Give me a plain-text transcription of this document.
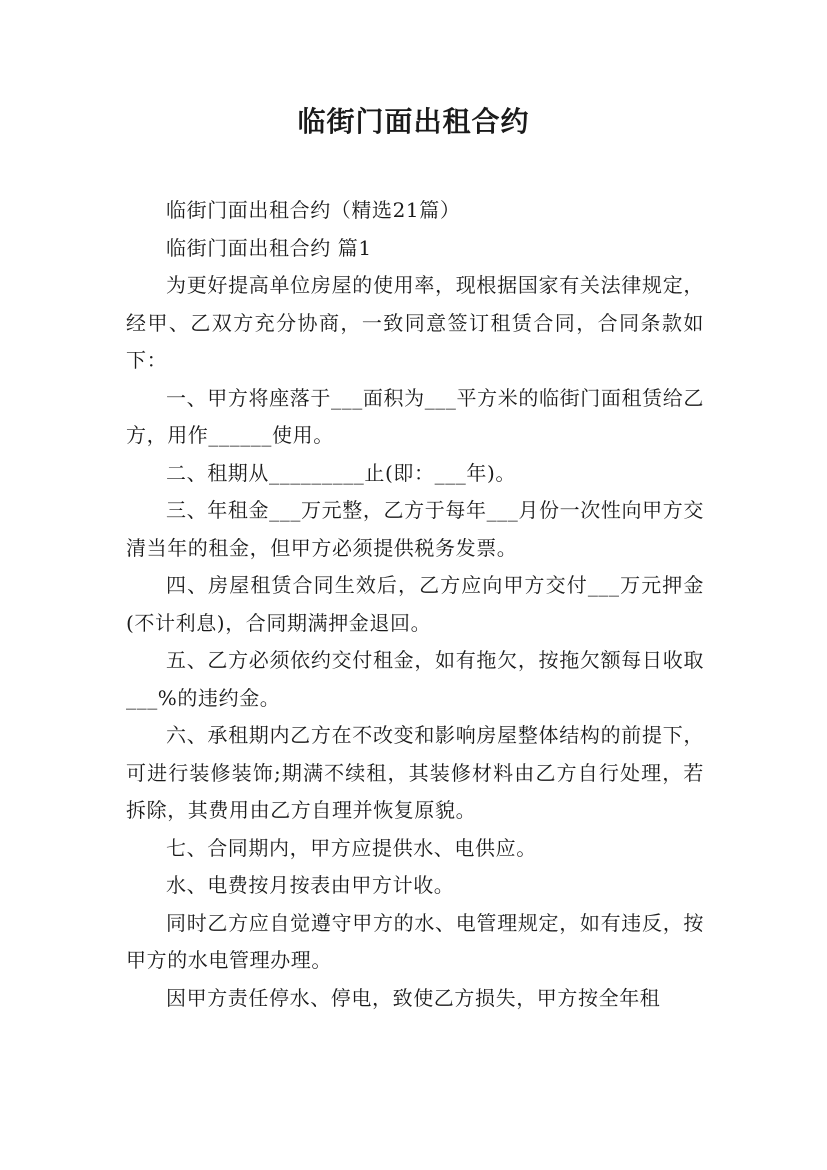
临街门面出租合约

临街门面出租合约（精选21篇）

临街门面出租合约 篇1

为更好提高单位房屋的使用率，现根据国家有关法律规定，经甲、乙双方充分协商，一致同意签订租赁合同，合同条款如下：

一、甲方将座落于___面积为___平方米的临街门面租赁给乙方，用作______使用。

二、租期从_________止(即：___年)。

三、年租金___万元整，乙方于每年___月份一次性向甲方交清当年的租金，但甲方必须提供税务发票。

四、房屋租赁合同生效后，乙方应向甲方交付___万元押金(不计利息)，合同期满押金退回。

五、乙方必须依约交付租金，如有拖欠，按拖欠额每日收取___%的违约金。

六、承租期内乙方在不改变和影响房屋整体结构的前提下，可进行装修装饰;期满不续租，其装修材料由乙方自行处理，若拆除，其费用由乙方自理并恢复原貌。

七、合同期内，甲方应提供水、电供应。

水、电费按月按表由甲方计收。

同时乙方应自觉遵守甲方的水、电管理规定，如有违反，按甲方的水电管理办理。

因甲方责任停水、停电，致使乙方损失，甲方按全年租
